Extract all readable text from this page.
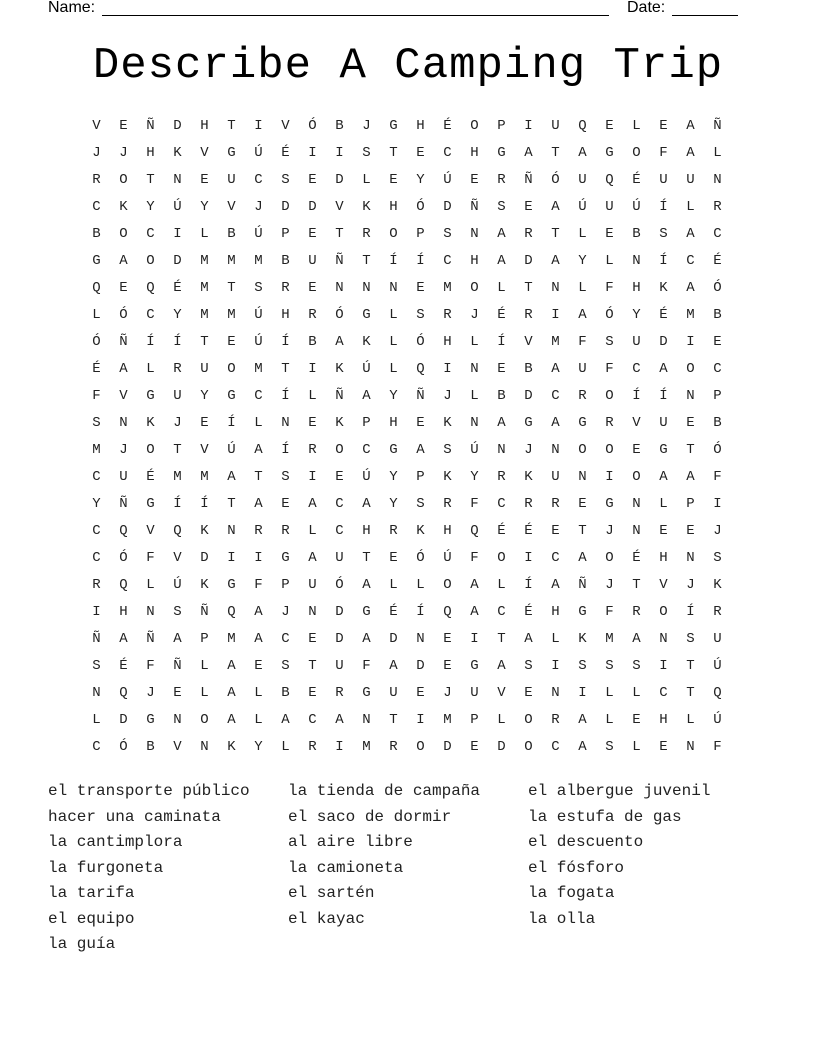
Name:	Date:
Describe A Camping Trip
V	E	Ñ	D	H	T	I	V	Ó	B	J	G	H	É	O	P	I	U	Q	E	L	E	A	Ñ
J	J	H	K	V	G	Ú	É	I	I	S	T	E	C	H	G	A	T	A	G	O	F	A	L
R	O	T	N	E	U	C	S	E	D	L	E	Y	Ú	E	R	Ñ	Ó	U	Q	É	U	U	N
C	K	Y	Ú	Y	V	J	D	D	V	K	H	Ó	D	Ñ	S	E	A	Ú	U	Ú	Í	L	R
B	O	C	I	L	B	Ú	P	E	T	R	O	P	S	N	A	R	T	L	E	B	S	A	C
G	A	O	D	M	M	M	B	U	Ñ	T	Í	Í	C	H	A	D	A	Y	L	N	Í	C	É
Q	E	Q	É	M	T	S	R	E	N	N	N	E	M	O	L	T	N	L	F	H	K	A	Ó
L	Ó	C	Y	M	M	Ú	H	R	Ó	G	L	S	R	J	É	R	I	A	Ó	Y	É	M	B
Ó	Ñ	Í	Í	T	E	Ú	Í	B	A	K	L	Ó	H	L	Í	V	M	F	S	U	D	I	E
É	A	L	R	U	O	M	T	I	K	Ú	L	Q	I	N	E	B	A	U	F	C	A	O	C
F	V	G	U	Y	G	C	Í	L	Ñ	A	Y	Ñ	J	L	B	D	C	R	O	Í	Í	N	P
S	N	K	J	E	Í	L	N	E	K	P	H	E	K	N	A	G	A	G	R	V	U	E	B
M	J	O	T	V	Ú	A	Í	R	O	C	G	A	S	Ú	N	J	N	O	O	E	G	T	Ó
C	U	É	M	M	A	T	S	I	E	Ú	Y	P	K	Y	R	K	U	N	I	O	A	A	F
Y	Ñ	G	Í	Í	T	A	E	A	C	A	Y	S	R	F	C	R	R	E	G	N	L	P	I
C	Q	V	Q	K	N	R	R	L	C	H	R	K	H	Q	É	É	E	T	J	N	E	E	J
C	Ó	F	V	D	I	I	G	A	U	T	E	Ó	Ú	F	O	I	C	A	O	É	H	N	S
R	Q	L	Ú	K	G	F	P	U	Ó	A	L	L	O	A	L	Í	A	Ñ	J	T	V	J	K
I	H	N	S	Ñ	Q	A	J	N	D	G	É	Í	Q	A	C	É	H	G	F	R	O	Í	R
Ñ	A	Ñ	A	P	M	A	C	E	D	A	D	N	E	I	T	A	L	K	M	A	N	S	U
S	É	F	Ñ	L	A	E	S	T	U	F	A	D	E	G	A	S	I	S	S	S	I	T	Ú
N	Q	J	E	L	A	L	B	E	R	G	U	E	J	U	V	E	N	I	L	L	C	T	Q
L	D	G	N	O	A	L	A	C	A	N	T	I	M	P	L	O	R	A	L	E	H	L	Ú
C	Ó	B	V	N	K	Y	L	R	I	M	R	O	D	E	D	O	C	A	S	L	E	N	F
el transporte público	la tienda de campaña	el albergue juvenil
hacer una caminata	el saco de dormir	la estufa de gas
la cantimplora	al aire libre	el descuento
la furgoneta	la camioneta	el fósforo
la tarifa	el sartén	la fogata
el equipo	el kayac	la olla
la guía
